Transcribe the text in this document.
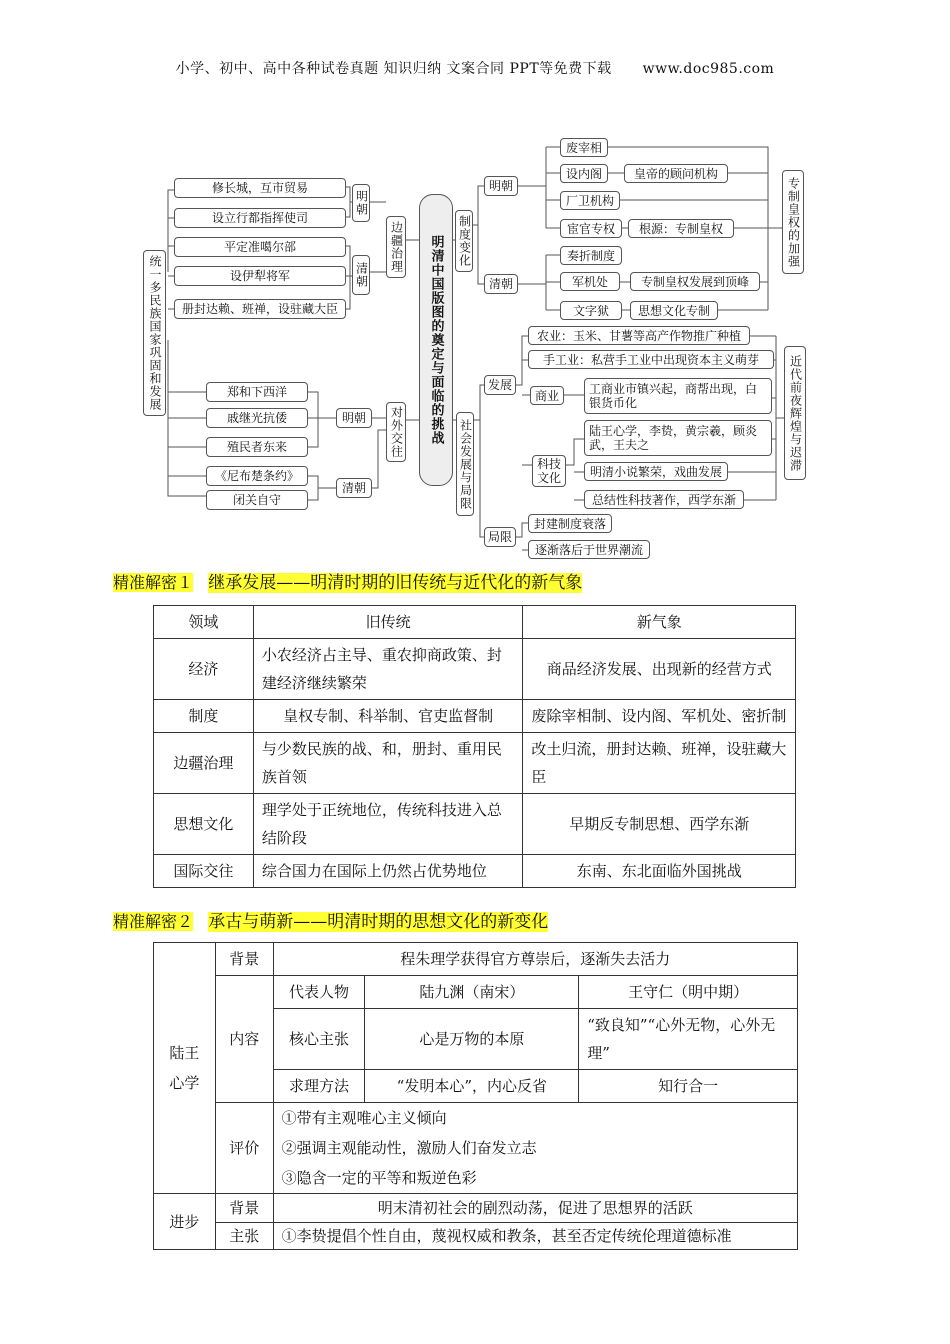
小学、初中、高中各种试卷真题 知识归纳 文案合同 PPT等免费下载 www.doc985.com
统一多民族国家巩固和发展
修长城，互市贸易
设立行都指挥使司
明朝
平定准噶尔部
设伊犁将军
册封达赖、班禅，设驻藏大臣
清朝
边疆治理
郑和下西洋
戚继光抗倭
殖民者东来
明朝
《尼布楚条约》
闭关自守
清朝
对外交往	明清中国版图的奠定与面临的挑战	制度变化
明朝
废宰相
设内阁	皇帝的顾问机构
厂卫机构
宦官专权	根源：专制皇权
清朝
奏折制度
军机处	专制皇权发展到顶峰
文字狱	思想文化专制
专制皇权的加强
社会发展与局限
发展
农业：玉米、甘薯等高产作物推广种植
手工业：私营手工业中出现资本主义萌芽
商业	工商业市镇兴起，商帮出现，白银货币化
科技文化
陆王心学，李贽，黄宗羲，顾炎武，王夫之
明清小说繁荣，戏曲发展
总结性科技著作，西学东渐
近代前夜辉煌与迟滞
局限
封建制度衰落
逐渐落后于世界潮流
精准解密１ 继承发展——明清时期的旧传统与近代化的新气象
领域	旧传统	新气象
经济	小农经济占主导、重农抑商政策、封建经济继续繁荣	商品经济发展、出现新的经营方式
制度	皇权专制、科举制、官吏监督制	废除宰相制、设内阁、军机处、密折制
边疆治理	与少数民族的战、和，册封、重用民族首领	改土归流，册封达赖、班禅，设驻藏大臣
思想文化	理学处于正统地位，传统科技进入总结阶段	早期反专制思想、西学东渐
国际交往	综合国力在国际上仍然占优势地位	东南、东北面临外国挑战
精准解密２ 承古与萌新——明清时期的思想文化的新变化
陆王心学	背景	程朱理学获得官方尊崇后，逐渐失去活力		
	内容	代表人物	陆九渊（南宋）	王守仁（明中期）
		核心主张	心是万物的本原	“致良知”“心外无物，心外无理”
		求理方法	“发明本心”，内心反省	知行合一
	评价	①带有主观唯心主义倾向		
		②强调主观能动性，激励人们奋发立志		
		③隐含一定的平等和叛逆色彩		
进步	背景	明末清初社会的剧烈动荡，促进了思想界的活跃		
	主张	①李贽提倡个性自由，蔑视权威和教条，甚至否定传统伦理道德标准		
